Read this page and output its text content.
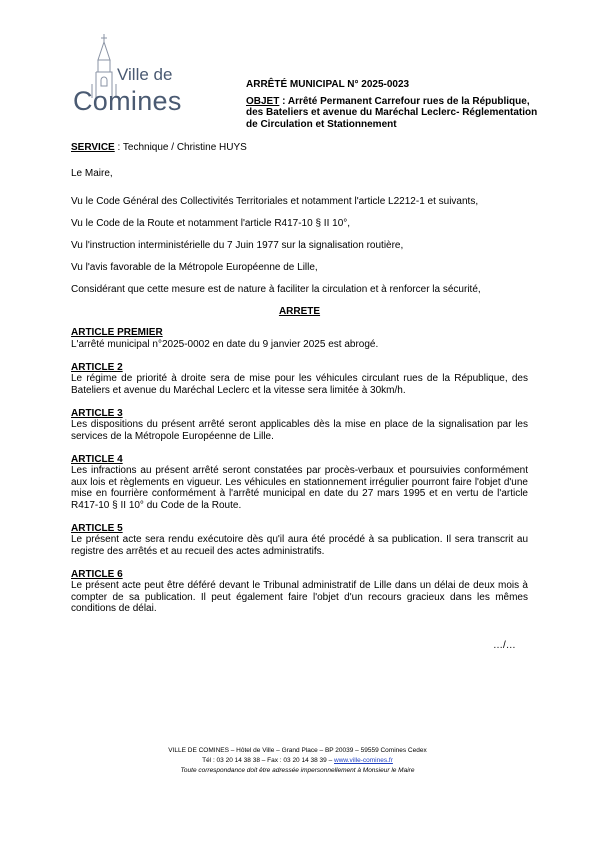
Ville de
Comines
ARRÊTÉ MUNICIPAL N° 2025-0023
OBJET : Arrêté Permanent Carrefour rues de la République, des Bateliers et avenue du Maréchal Leclerc- Réglementation de Circulation et Stationnement
SERVICE : Technique / Christine HUYS

Le Maire,

Vu le Code Général des Collectivités Territoriales et notamment l'article L2212-1 et suivants,

Vu le Code de la Route et notamment l'article R417-10 § II 10°,

Vu l'instruction interministérielle du 7 Juin 1977 sur la signalisation routière,

Vu l'avis favorable de la Métropole Européenne de Lille,

Considérant que cette mesure est de nature à faciliter la circulation et à renforcer la sécurité,

ARRETE

ARTICLE PREMIER
L'arrêté municipal n°2025-0002 en date du 9 janvier 2025 est abrogé.
ARTICLE 2
Le régime de priorité à droite sera de mise pour les véhicules circulant rues de la République, des Bateliers et avenue du Maréchal Leclerc et la vitesse sera limitée à 30km/h.
ARTICLE 3
Les dispositions du présent arrêté seront applicables dès la mise en place de la signalisation par les services de la Métropole Européenne de Lille.
ARTICLE 4
Les infractions au présent arrêté seront constatées par procès-verbaux et poursuivies conformément aux lois et règlements en vigueur. Les véhicules en stationnement irrégulier pourront faire l'objet d'une mise en fourrière conformément à l'arrêté municipal en date du 27 mars 1995 et en vertu de l'article R417-10 § II 10° du Code de la Route.
ARTICLE 5
Le présent acte sera rendu exécutoire dès qu'il aura été procédé à sa publication. Il sera transcrit au registre des arrêtés et au recueil des actes administratifs.
ARTICLE 6
Le présent acte peut être déféré devant le Tribunal administratif de Lille dans un délai de deux mois à compter de sa publication. Il peut également faire l'objet d'un recours gracieux dans les mêmes conditions de délai.
…/…
VILLE DE COMINES – Hôtel de Ville – Grand Place – BP 20039 – 59559 Comines Cedex
Tél : 03 20 14 38 38 – Fax : 03 20 14 38 39 – www.ville-comines.fr
Toute correspondance doit être adressée impersonnellement à Monsieur le Maire
